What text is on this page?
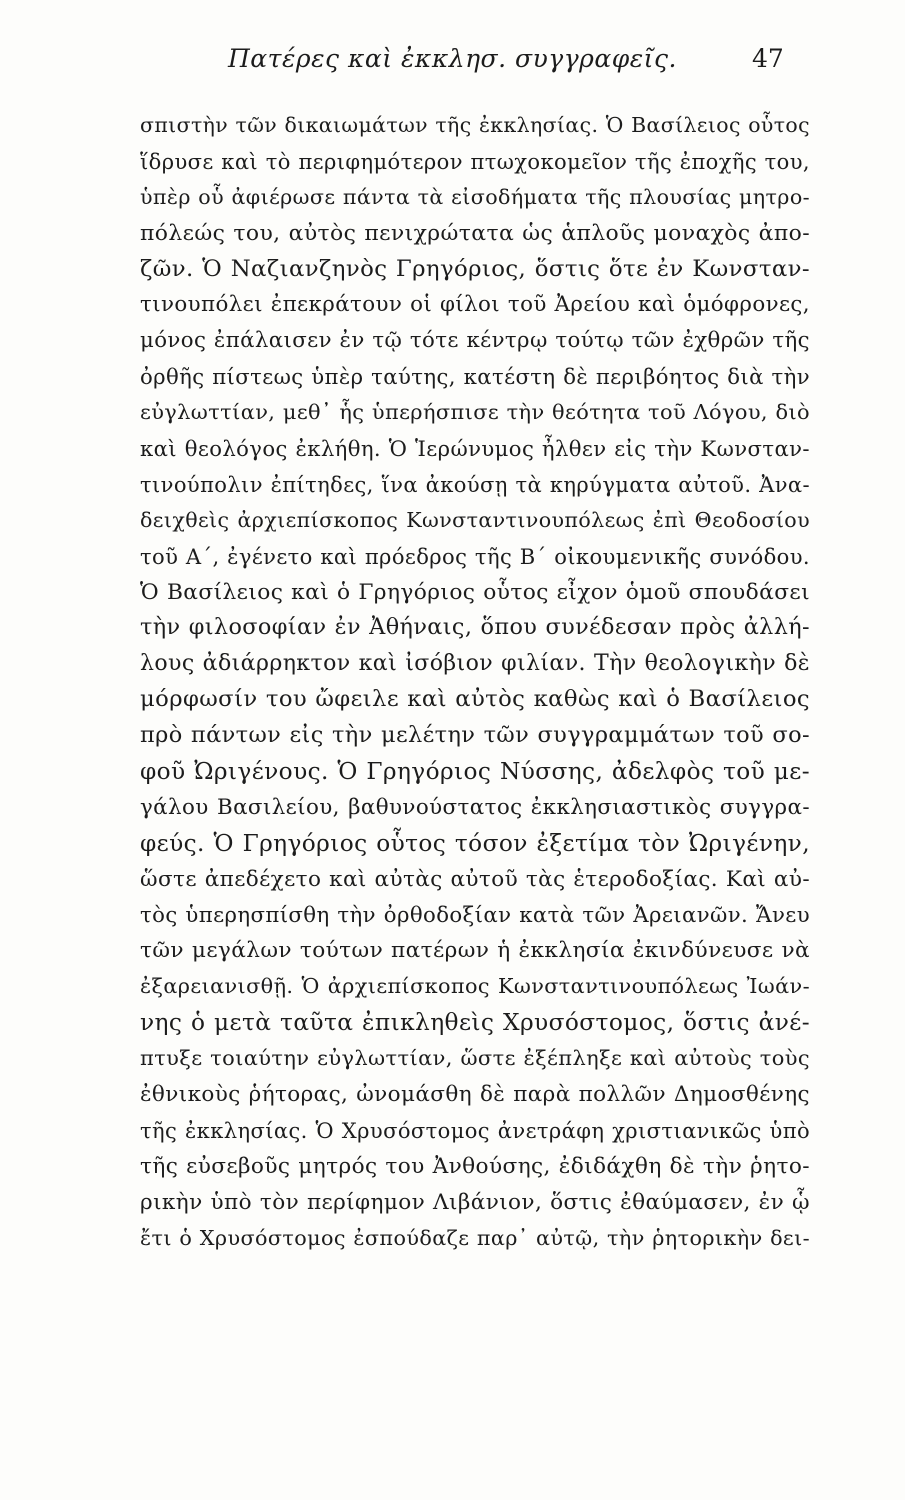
Πατέρες καὶ ἐκκλησ. συγγραφεῖς.	47
σπιστὴν τῶν δικαιωμάτων τῆς ἐκκλησίας. Ὁ Βασίλειος οὗτος
ἵδρυσε καὶ τὸ περιφημότερον πτωχοκομεῖον τῆς ἐποχῆς του,
ὑπὲρ οὗ ἀφιέρωσε πάντα τὰ εἰσοδήματα τῆς πλουσίας μητρο-
πόλεώς του, αὐτὸς πενιχρώτατα ὡς ἁπλοῦς μοναχὸς ἀπο-
ζῶν. Ὁ Ναζιανζηνὸς Γρηγόριος, ὅστις ὅτε ἐν Κωνσταν-
τινουπόλει ἐπεκράτουν οἱ φίλοι τοῦ Ἀρείου καὶ ὁμόφρονες,
μόνος ἐπάλαισεν ἐν τῷ τότε κέντρῳ τούτῳ τῶν ἐχθρῶν τῆς
ὀρθῆς πίστεως ὑπὲρ ταύτης, κατέστη δὲ περιβόητος διὰ τὴν
εὐγλωττίαν, μεθ᾽ ἧς ὑπερήσπισε τὴν θεότητα τοῦ Λόγου, διὸ
καὶ θεολόγος ἐκλήθη. Ὁ Ἱερώνυμος ἦλθεν εἰς τὴν Κωνσταν-
τινούπολιν ἐπίτηδες, ἵνα ἀκούσῃ τὰ κηρύγματα αὐτοῦ. Ἀνα-
δειχθεὶς ἀρχιεπίσκοπος Κωνσταντινουπόλεως ἐπὶ Θεοδοσίου
τοῦ Α΄, ἐγένετο καὶ πρόεδρος τῆς Β΄ οἰκουμενικῆς συνόδου.
Ὁ Βασίλειος καὶ ὁ Γρηγόριος οὗτος εἶχον ὁμοῦ σπουδάσει
τὴν φιλοσοφίαν ἐν Ἀθήναις, ὅπου συνέδεσαν πρὸς ἀλλή-
λους ἀδιάρρηκτον καὶ ἰσόβιον φιλίαν. Τὴν θεολογικὴν δὲ
μόρφωσίν του ὤφειλε καὶ αὐτὸς καθὼς καὶ ὁ Βασίλειος
πρὸ πάντων εἰς τὴν μελέτην τῶν συγγραμμάτων τοῦ σο-
φοῦ Ὠριγένους. Ὁ Γρηγόριος Νύσσης, ἀδελφὸς τοῦ με-
γάλου Βασιλείου, βαθυνούστατος ἐκκλησιαστικὸς συγγρα-
φεύς. Ὁ Γρηγόριος οὗτος τόσον ἐξετίμα τὸν Ὠριγένην,
ὥστε ἀπεδέχετο καὶ αὐτὰς αὐτοῦ τὰς ἑτεροδοξίας. Καὶ αὐ-
τὸς ὑπερησπίσθη τὴν ὀρθοδοξίαν κατὰ τῶν Ἀρειανῶν. Ἄνευ
τῶν μεγάλων τούτων πατέρων ἡ ἐκκλησία ἐκινδύνευσε νὰ
ἐξαρειανισθῇ. Ὁ ἀρχιεπίσκοπος Κωνσταντινουπόλεως Ἰωάν-
νης ὁ μετὰ ταῦτα ἐπικληθεὶς Χρυσόστομος, ὅστις ἀνέ-
πτυξε τοιαύτην εὐγλωττίαν, ὥστε ἐξέπληξε καὶ αὐτοὺς τοὺς
ἐθνικοὺς ῥήτορας, ὠνομάσθη δὲ παρὰ πολλῶν Δημοσθένης
τῆς ἐκκλησίας. Ὁ Χρυσόστομος ἀνετράφη χριστιανικῶς ὑπὸ
τῆς εὐσεβοῦς μητρός του Ἀνθούσης, ἐδιδάχθη δὲ τὴν ῥητο-
ρικὴν ὑπὸ τὸν περίφημον Λιβάνιον, ὅστις ἐθαύμασεν, ἐν ᾧ
ἔτι ὁ Χρυσόστομος ἐσπούδαζε παρ᾽ αὐτῷ, τὴν ῥητορικὴν δει-
